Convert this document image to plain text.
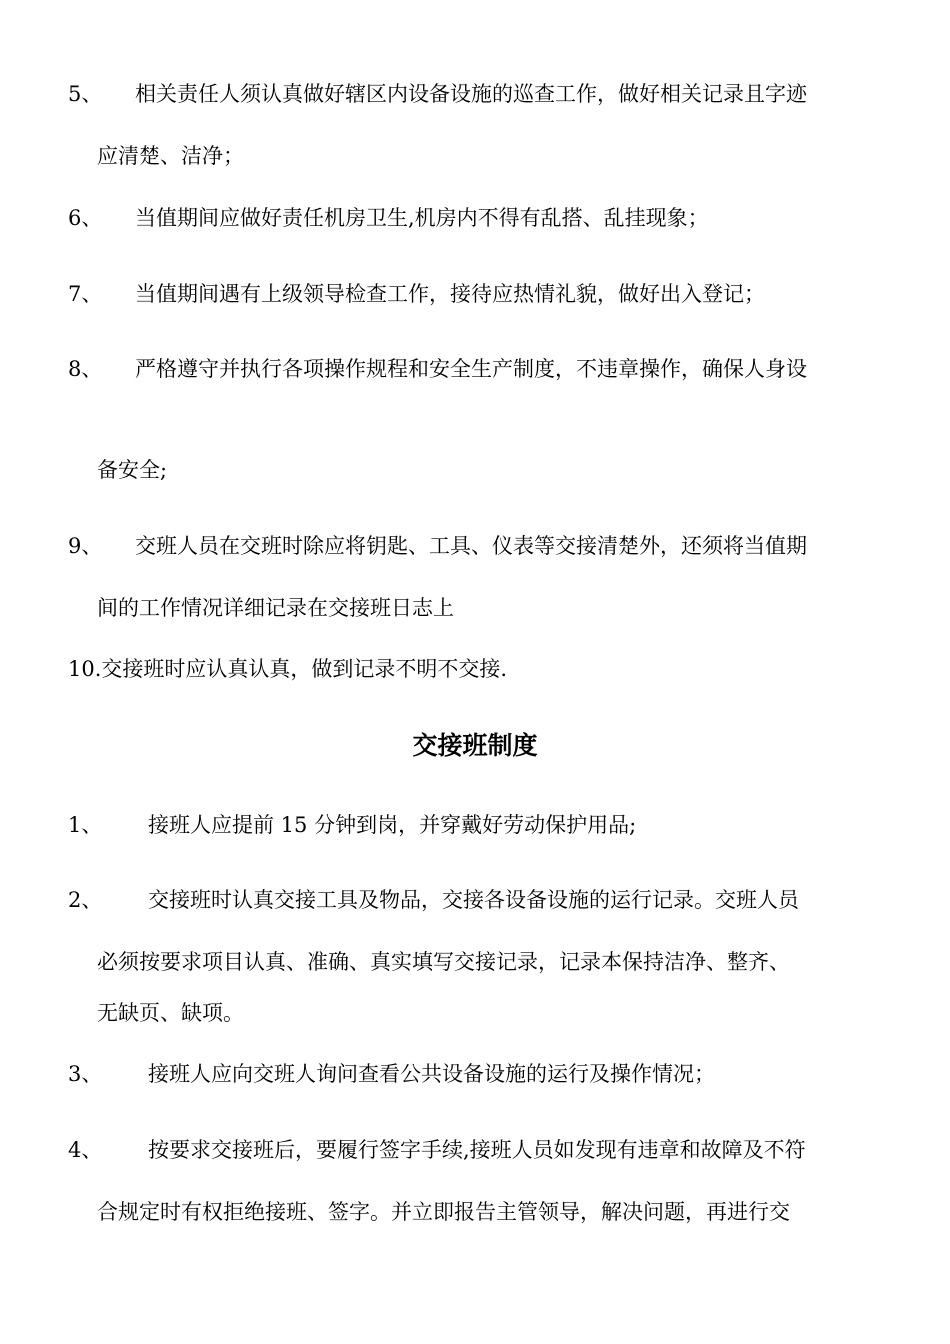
5、 相关责任人须认真做好辖区内设备设施的巡查工作，做好相关记录且字迹
应清楚、洁净；
6、 当值期间应做好责任机房卫生,机房内不得有乱搭、乱挂现象；
7、 当值期间遇有上级领导检查工作，接待应热情礼貌，做好出入登记；
8、 严格遵守并执行各项操作规程和安全生产制度，不违章操作，确保人身设
备安全;
9、 交班人员在交班时除应将钥匙、工具、仪表等交接清楚外，还须将当值期
间的工作情况详细记录在交接班日志上
10.交接班时应认真认真，做到记录不明不交接.
交接班制度
1、 接班人应提前 15 分钟到岗，并穿戴好劳动保护用品;
2、 交接班时认真交接工具及物品，交接各设备设施的运行记录。交班人员
必须按要求项目认真、准确、真实填写交接记录，记录本保持洁净、整齐、
无缺页、缺项。
3、 接班人应向交班人询问查看公共设备设施的运行及操作情况；
4、 按要求交接班后，要履行签字手续,接班人员如发现有违章和故障及不符
合规定时有权拒绝接班、签字。并立即报告主管领导，解决问题，再进行交
